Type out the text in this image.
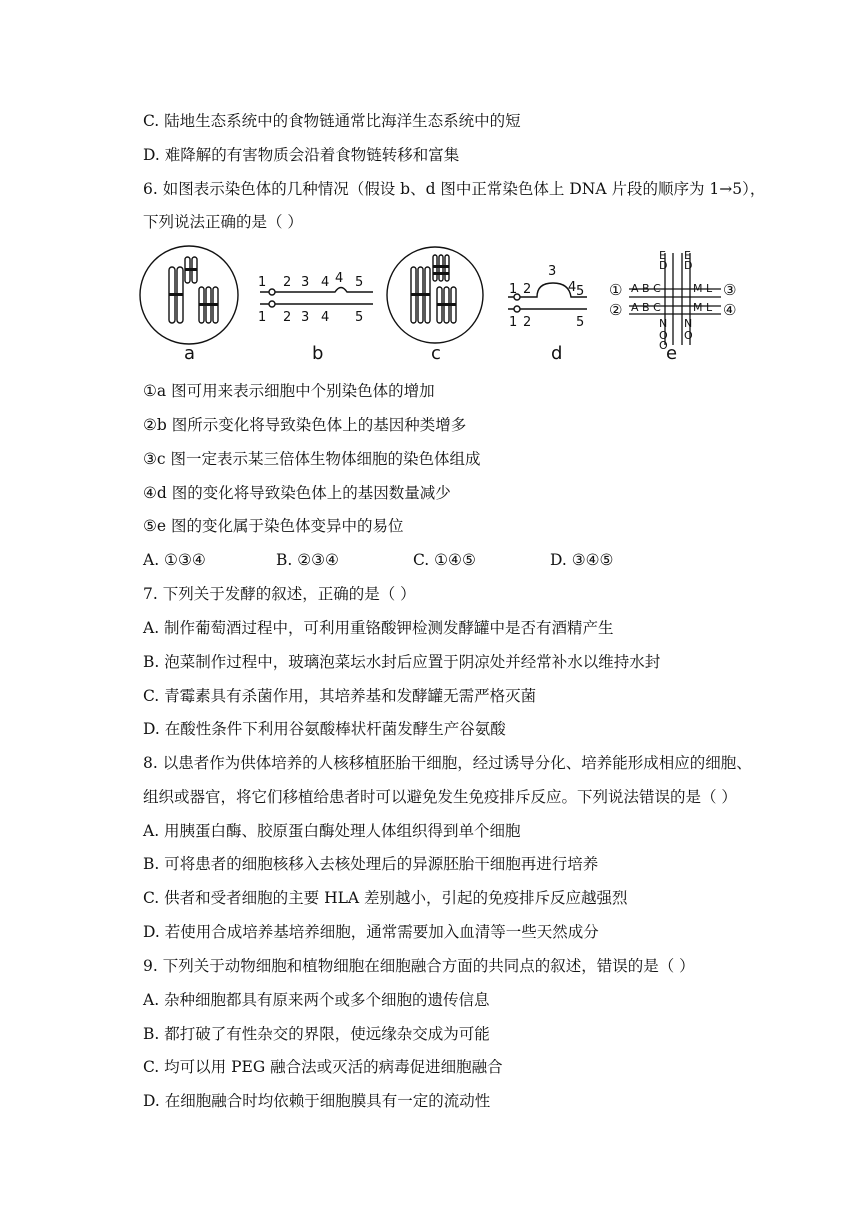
C. 陆地生态系统中的食物链通常比海洋生态系统中的短
D. 难降解的有害物质会沿着食物链转移和富集
6. 如图表示染色体的几种情况（假设 b、d 图中正常染色体上 DNA 片段的顺序为 1→5），
下列说法正确的是（ ）
1 2 3 4 4 5
1 2 3 4 5
1 2
3
4 5
1 2	5
A B C
A B C
E
D
E
D
M L
M L
N
O
N
O
O
①
②
③
④
a	b	c	d	e
①a 图可用来表示细胞中个别染色体的增加
②b 图所示变化将导致染色体上的基因种类增多
③c 图一定表示某三倍体生物体细胞的染色体组成
④d 图的变化将导致染色体上的基因数量减少
⑤e 图的变化属于染色体变异中的易位
A. ①③④	B. ②③④	C. ①④⑤	D. ③④⑤
7. 下列关于发酵的叙述，正确的是（ ）
A. 制作葡萄酒过程中，可利用重铬酸钾检测发酵罐中是否有酒精产生
B. 泡菜制作过程中，玻璃泡菜坛水封后应置于阴凉处并经常补水以维持水封
C. 青霉素具有杀菌作用，其培养基和发酵罐无需严格灭菌
D. 在酸性条件下利用谷氨酸棒状杆菌发酵生产谷氨酸
8. 以患者作为供体培养的人核移植胚胎干细胞，经过诱导分化、培养能形成相应的细胞、
组织或器官，将它们移植给患者时可以避免发生免疫排斥反应。下列说法错误的是（ ）
A. 用胰蛋白酶、胶原蛋白酶处理人体组织得到单个细胞
B. 可将患者的细胞核移入去核处理后的异源胚胎干细胞再进行培养
C. 供者和受者细胞的主要 HLA 差别越小，引起的免疫排斥反应越强烈
D. 若使用合成培养基培养细胞，通常需要加入血清等一些天然成分
9. 下列关于动物细胞和植物细胞在细胞融合方面的共同点的叙述，错误的是（ ）
A. 杂种细胞都具有原来两个或多个细胞的遗传信息
B. 都打破了有性杂交的界限，使远缘杂交成为可能
C. 均可以用 PEG 融合法或灭活的病毒促进细胞融合
D. 在细胞融合时均依赖于细胞膜具有一定的流动性
